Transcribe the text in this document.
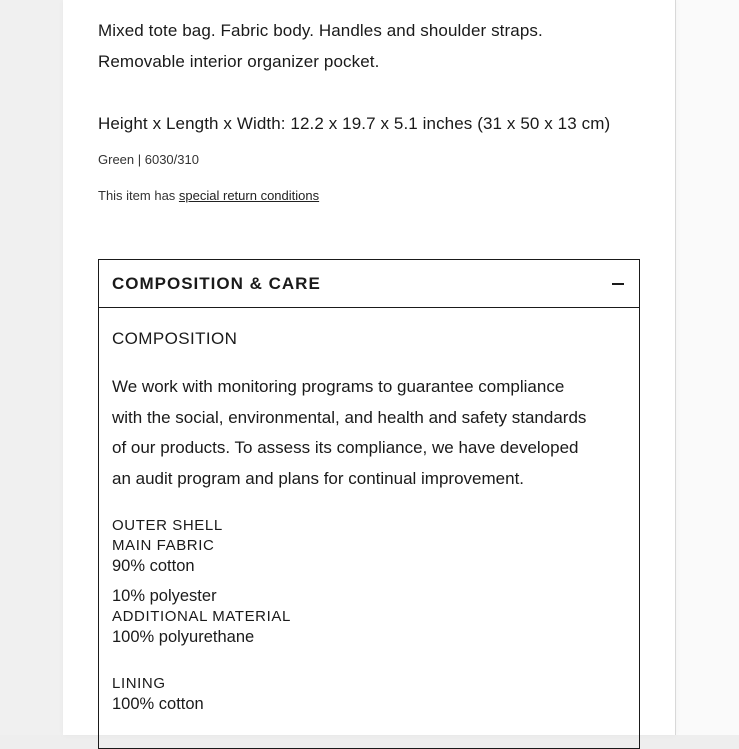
Mixed tote bag. Fabric body. Handles and shoulder straps.
Removable interior organizer pocket.
Height x Length x Width: 12.2 x 19.7 x 5.1 inches (31 x 50 x 13 cm)
Green | 6030/310
This item has special return conditions
COMPOSITION & CARE
COMPOSITION
We work with monitoring programs to guarantee compliance
with the social, environmental, and health and safety standards
of our products. To assess its compliance, we have developed
an audit program and plans for continual improvement.
OUTER SHELL
MAIN FABRIC
90% cotton
10% polyester
ADDITIONAL MATERIAL
100% polyurethane
LINING
100% cotton
